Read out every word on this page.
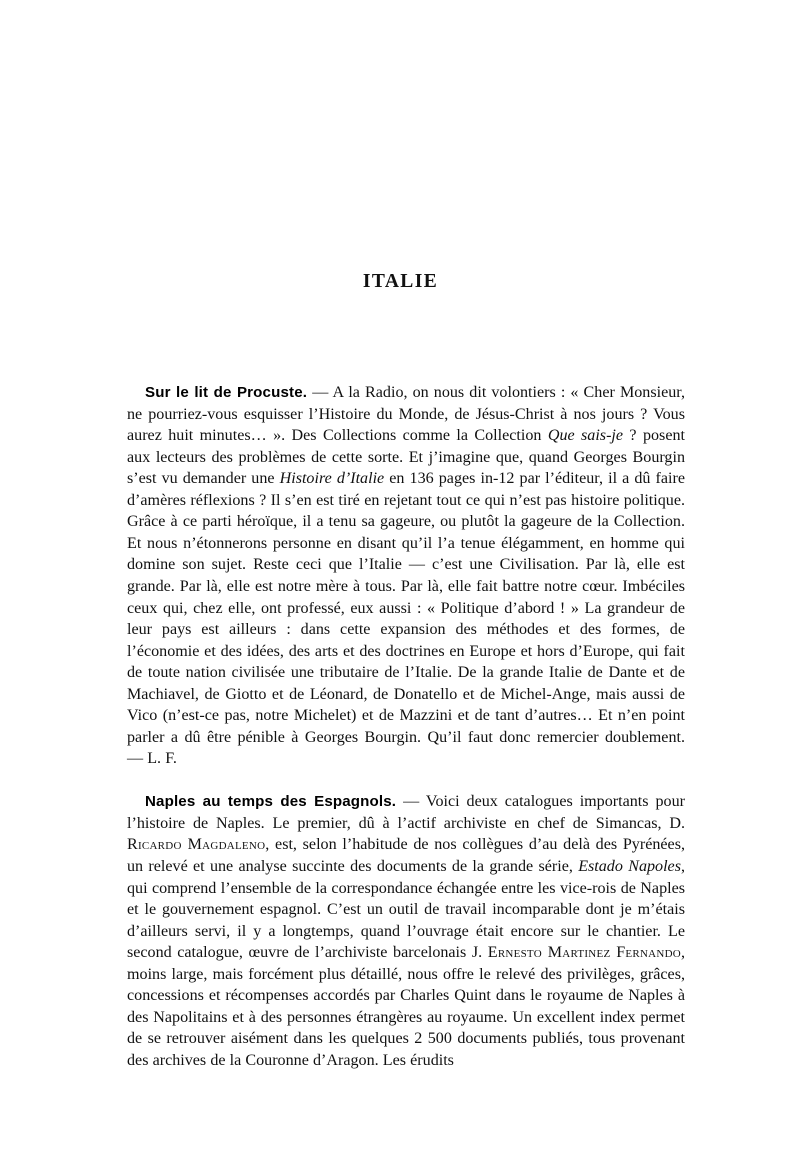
ITALIE

Sur le lit de Procuste. — A la Radio, on nous dit volontiers : « Cher Monsieur, ne pourriez-vous esquisser l’Histoire du Monde, de Jésus-Christ à nos jours ? Vous aurez huit minutes… ». Des Collections comme la Collection Que sais-je ? posent aux lecteurs des problèmes de cette sorte. Et j’imagine que, quand Georges Bourgin s’est vu demander une Histoire d’Italie en 136 pages in-12 par l’éditeur, il a dû faire d’amères réflexions ? Il s’en est tiré en rejetant tout ce qui n’est pas histoire politique. Grâce à ce parti héroïque, il a tenu sa gageure, ou plutôt la gageure de la Collection. Et nous n’étonnerons personne en disant qu’il l’a tenue élégamment, en homme qui domine son sujet. Reste ceci que l’Italie — c’est une Civilisation. Par là, elle est grande. Par là, elle est notre mère à tous. Par là, elle fait battre notre cœur. Imbéciles ceux qui, chez elle, ont professé, eux aussi : « Politique d’abord ! » La grandeur de leur pays est ailleurs : dans cette expansion des méthodes et des formes, de l’économie et des idées, des arts et des doctrines en Europe et hors d’Europe, qui fait de toute nation civilisée une tributaire de l’Italie. De la grande Italie de Dante et de Machiavel, de Giotto et de Léonard, de Donatello et de Michel-Ange, mais aussi de Vico (n’est-ce pas, notre Michelet) et de Mazzini et de tant d’autres… Et n’en point parler a dû être pénible à Georges Bourgin. Qu’il faut donc remercier doublement. — L. F.

Naples au temps des Espagnols. — Voici deux catalogues importants pour l’histoire de Naples. Le premier, dû à l’actif archiviste en chef de Simancas, D. Ricardo Magdaleno, est, selon l’habitude de nos collègues d’au delà des Pyrénées, un relevé et une analyse succinte des documents de la grande série, Estado Napoles, qui comprend l’ensemble de la correspondance échangée entre les vice-rois de Naples et le gouvernement espagnol. C’est un outil de travail incomparable dont je m’étais d’ailleurs servi, il y a longtemps, quand l’ouvrage était encore sur le chantier. Le second catalogue, œuvre de l’archiviste barcelonais J. Ernesto Martinez Fernando, moins large, mais forcément plus détaillé, nous offre le relevé des privilèges, grâces, concessions et récompenses accordés par Charles Quint dans le royaume de Naples à des Napolitains et à des personnes étrangères au royaume. Un excellent index permet de se retrouver aisément dans les quelques 2 500 documents publiés, tous provenant des archives de la Couronne d’Aragon. Les érudits
